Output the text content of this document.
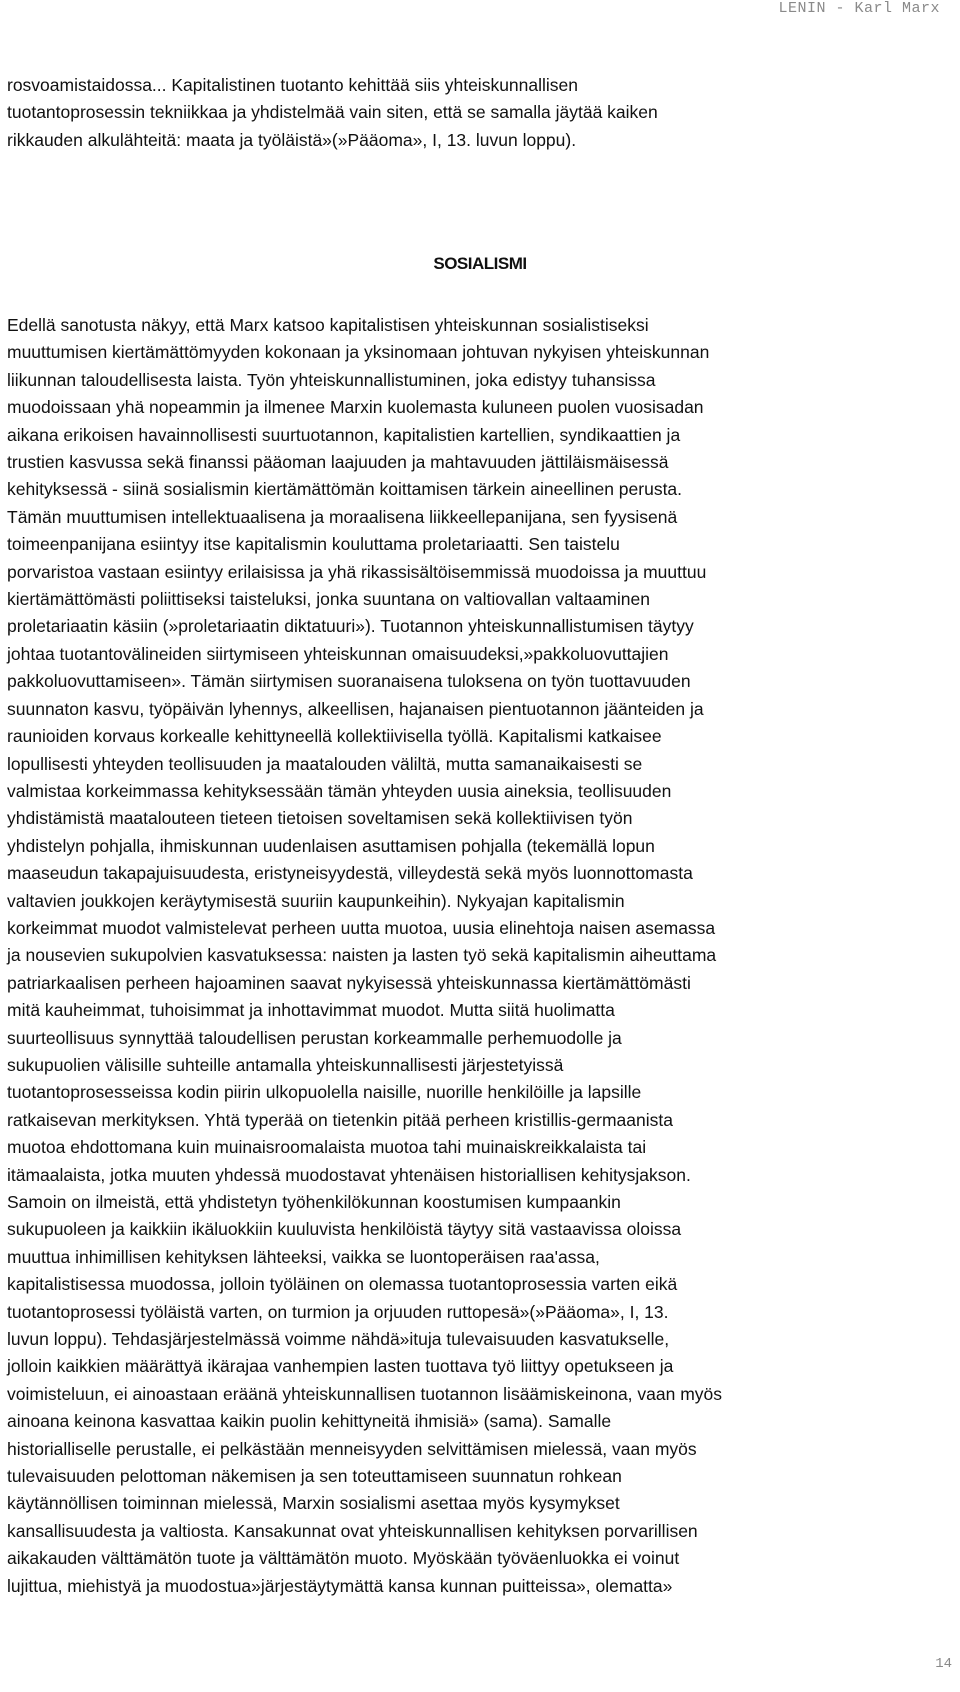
LENIN - Karl Marx
rosvoamistaidossa... Kapitalistinen tuotanto kehittää siis yhteiskunnallisen
tuotantoprosessin tekniikkaa ja yhdistelmää vain siten, että se samalla jäytää kaiken
rikkauden alkulähteitä: maata ja työläistä»(»Pääoma», I, 13. luvun loppu).
SOSIALISMI
Edellä sanotusta näkyy, että Marx katsoo kapitalistisen yhteiskunnan sosialistiseksi
muuttumisen kiertämättömyyden kokonaan ja yksinomaan johtuvan nykyisen yhteiskunnan
liikunnan taloudellisesta laista. Työn yhteiskunnallistuminen, joka edistyy tuhansissa
muodoissaan yhä nopeammin ja ilmenee Marxin kuolemasta kuluneen puolen vuosisadan
aikana erikoisen havainnollisesti suurtuotannon, kapitalistien kartellien, syndikaattien ja
trustien kasvussa sekä finanssi pääoman laajuuden ja mahtavuuden jättiläismäisessä
kehityksessä - siinä sosialismin kiertämättömän koittamisen tärkein aineellinen perusta.
Tämän muuttumisen intellektuaalisena ja moraalisena liikkeellepanijana, sen fyysisenä
toimeenpanijana esiintyy itse kapitalismin kouluttama proletariaatti. Sen taistelu
porvaristoa vastaan esiintyy erilaisissa ja yhä rikassisältöisemmissä muodoissa ja muuttuu
kiertämättömästi poliittiseksi taisteluksi, jonka suuntana on valtiovallan valtaaminen
proletariaatin käsiin (»proletariaatin diktatuuri»). Tuotannon yhteiskunnallistumisen täytyy
johtaa tuotantovälineiden siirtymiseen yhteiskunnan omaisuudeksi,»pakkoluovuttajien
pakkoluovuttamiseen». Tämän siirtymisen suoranaisena tuloksena on työn tuottavuuden
suunnaton kasvu, työpäivän lyhennys, alkeellisen, hajanaisen pientuotannon jäänteiden ja
raunioiden korvaus korkealle kehittyneellä kollektiivisella työllä. Kapitalismi katkaisee
lopullisesti yhteyden teollisuuden ja maatalouden väliltä, mutta samanaikaisesti se
valmistaa korkeimmassa kehityksessään tämän yhteyden uusia aineksia, teollisuuden
yhdistämistä maatalouteen tieteen tietoisen soveltamisen sekä kollektiivisen työn
yhdistelyn pohjalla, ihmiskunnan uudenlaisen asuttamisen pohjalla (tekemällä lopun
maaseudun takapajuisuudesta, eristyneisyydestä, villeydestä sekä myös luonnottomasta
valtavien joukkojen keräytymisestä suuriin kaupunkeihin). Nykyajan kapitalismin
korkeimmat muodot valmistelevat perheen uutta muotoa, uusia elinehtoja naisen asemassa
ja nousevien sukupolvien kasvatuksessa: naisten ja lasten työ sekä kapitalismin aiheuttama
patriarkaalisen perheen hajoaminen saavat nykyisessä yhteiskunnassa kiertämättömästi
mitä kauheimmat, tuhoisimmat ja inhottavimmat muodot. Mutta siitä huolimatta
suurteollisuus synnyttää taloudellisen perustan korkeammalle perhemuodolle ja
sukupuolien välisille suhteille antamalla yhteiskunnallisesti järjestetyissä
tuotantoprosesseissa kodin piirin ulkopuolella naisille, nuorille henkilöille ja lapsille
ratkaisevan merkityksen. Yhtä typerää on tietenkin pitää perheen kristillis-germaanista
muotoa ehdottomana kuin muinaisroomalaista muotoa tahi muinaiskreikkalaista tai
itämaalaista, jotka muuten yhdessä muodostavat yhtenäisen historiallisen kehitysjakson.
Samoin on ilmeistä, että yhdistetyn työhenkilökunnan koostumisen kumpaankin
sukupuoleen ja kaikkiin ikäluokkiin kuuluvista henkilöistä täytyy sitä vastaavissa oloissa
muuttua inhimillisen kehityksen lähteeksi, vaikka se luontoperäisen raa'assa,
kapitalistisessa muodossa, jolloin työläinen on olemassa tuotantoprosessia varten eikä
tuotantoprosessi työläistä varten, on turmion ja orjuuden ruttopesä»(»Pääoma», I, 13.
luvun loppu). Tehdasjärjestelmässä voimme nähdä»ituja tulevaisuuden kasvatukselle,
jolloin kaikkien määrättyä ikärajaa vanhempien lasten tuottava työ liittyy opetukseen ja
voimisteluun, ei ainoastaan eräänä yhteiskunnallisen tuotannon lisäämiskeinona, vaan myös
ainoana keinona kasvattaa kaikin puolin kehittyneitä ihmisiä» (sama). Samalle
historialliselle perustalle, ei pelkästään menneisyyden selvittämisen mielessä, vaan myös
tulevaisuuden pelottoman näkemisen ja sen toteuttamiseen suunnatun rohkean
käytännöllisen toiminnan mielessä, Marxin sosialismi asettaa myös kysymykset
kansallisuudesta ja valtiosta. Kansakunnat ovat yhteiskunnallisen kehityksen porvarillisen
aikakauden välttämätön tuote ja välttämätön muoto. Myöskään työväenluokka ei voinut
lujittua, miehistyä ja muodostua»järjestäytymättä kansa kunnan puitteissa», olematta»
14
